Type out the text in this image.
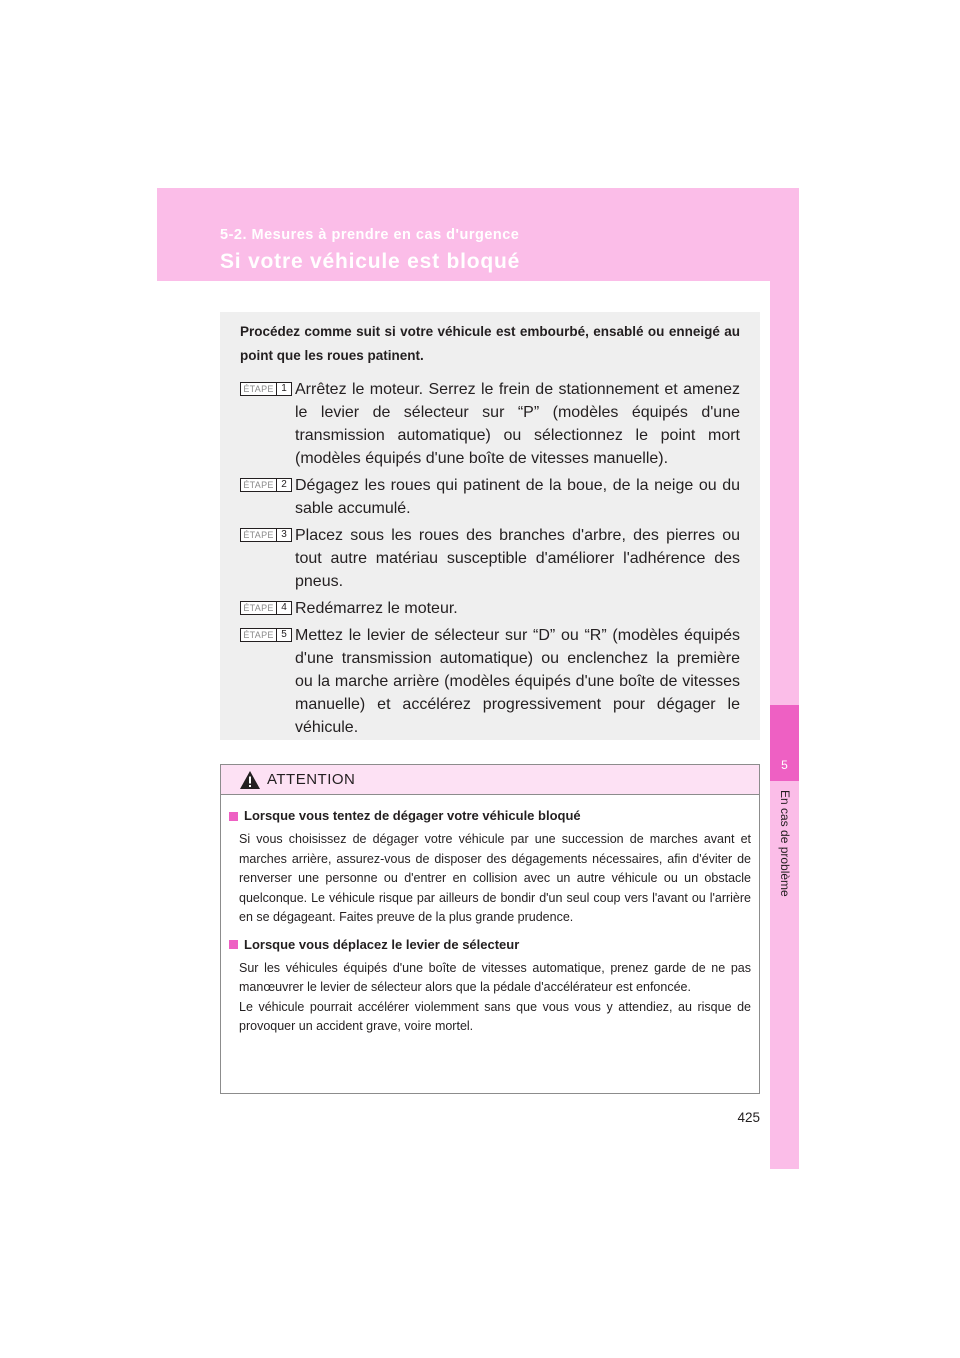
5-2. Mesures à prendre en cas d'urgence
Si votre véhicule est bloqué
5
En cas de problème

Procédez comme suit si votre véhicule est embourbé, ensablé ou enneigé au point que les roues patinent.

ÉTAPE 1 Arrêtez le moteur. Serrez le frein de stationnement et amenez le levier de sélecteur sur “P” (modèles équipés d'une transmission automatique) ou sélectionnez le point mort (modèles équipés d'une boîte de vitesses manuelle).
ÉTAPE 2 Dégagez les roues qui patinent de la boue, de la neige ou du sable accumulé.
ÉTAPE 3 Placez sous les roues des branches d'arbre, des pierres ou tout autre matériau susceptible d'améliorer l'adhérence des pneus.
ÉTAPE 4 Redémarrez le moteur.
ÉTAPE 5 Mettez le levier de sélecteur sur “D” ou “R” (modèles équipés d'une transmission automatique) ou enclenchez la première ou la marche arrière (modèles équipés d'une boîte de vitesses manuelle) et accélérez progressivement pour dégager le véhicule.
ATTENTION
Lorsque vous tentez de dégager votre véhicule bloqué

Si vous choisissez de dégager votre véhicule par une succession de marches avant et marches arrière, assurez-vous de disposer des dégagements nécessaires, afin d'éviter de renverser une personne ou d'entrer en collision avec un autre véhicule ou un obstacle quelconque. Le véhicule risque par ailleurs de bondir d'un seul coup vers l'avant ou l'arrière en se dégageant. Faites preuve de la plus grande prudence.

Lorsque vous déplacez le levier de sélecteur

Sur les véhicules équipés d'une boîte de vitesses automatique, prenez garde de ne pas manœuvrer le levier de sélecteur alors que la pédale d'accélérateur est enfoncée.

Le véhicule pourrait accélérer violemment sans que vous vous y attendiez, au risque de provoquer un accident grave, voire mortel.

425
